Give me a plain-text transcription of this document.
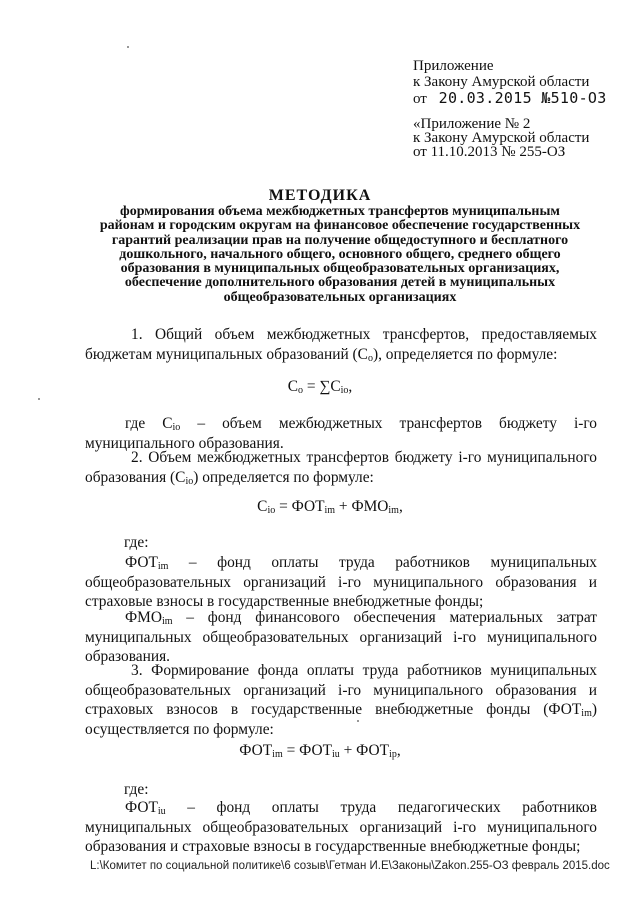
Приложение
к Закону Амурской области
от 20.03.2015 №510-ОЗ
«Приложение № 2
к Закону Амурской области
от 11.10.2013 № 255-ОЗ
МЕТОДИКА
формирования объема межбюджетных трансфертов муниципальным районам и городским округам на финансовое обеспечение государственных гарантий реализации прав на получение общедоступного и бесплатного дошкольного, начального общего, основного общего, среднего общего образования в муниципальных общеобразовательных организациях, обеспечение дополнительного образования детей в муниципальных общеобразовательных организациях
1. Общий объем межбюджетных трансфертов, предоставляемых бюджетам муниципальных образований $(C_o)$, определяется по формуле:
$C_o = \sum C_{io}$,
где $C_{io}$ – объем межбюджетных трансфертов бюджету i-го муниципального образования.
2. Объем межбюджетных трансфертов бюджету i-го муниципального образования $(C_{io})$ определяется по формуле:
$C_{io} = ФОТ_{im} + ФМО_{im}$,
где:
$ФОТ_{im}$ – фонд оплаты труда работников муниципальных общеобразовательных организаций i-го муниципального образования и страховые взносы в государственные внебюджетные фонды;
$ФМО_{im}$ – фонд финансового обеспечения материальных затрат муниципальных общеобразовательных организаций i-го муниципального образования.
3. Формирование фонда оплаты труда работников муниципальных общеобразовательных организаций i-го муниципального образования и страховых взносов в государственные внебюджетные фонды $(ФОТ_{im})$ осуществляется по формуле:
$ФОТ_{im} = ФОТ_{iu} + ФОТ_{ip}$,
где:
$ФОТ_{iu}$ – фонд оплаты труда педагогических работников муниципальных общеобразовательных организаций i-го муниципального образования и страховые взносы в государственные внебюджетные фонды;
L:\Комитет по социальной политике\6 созыв\Гетман И.Е\Законы\Zakon.255-ОЗ февраль 2015.doc
